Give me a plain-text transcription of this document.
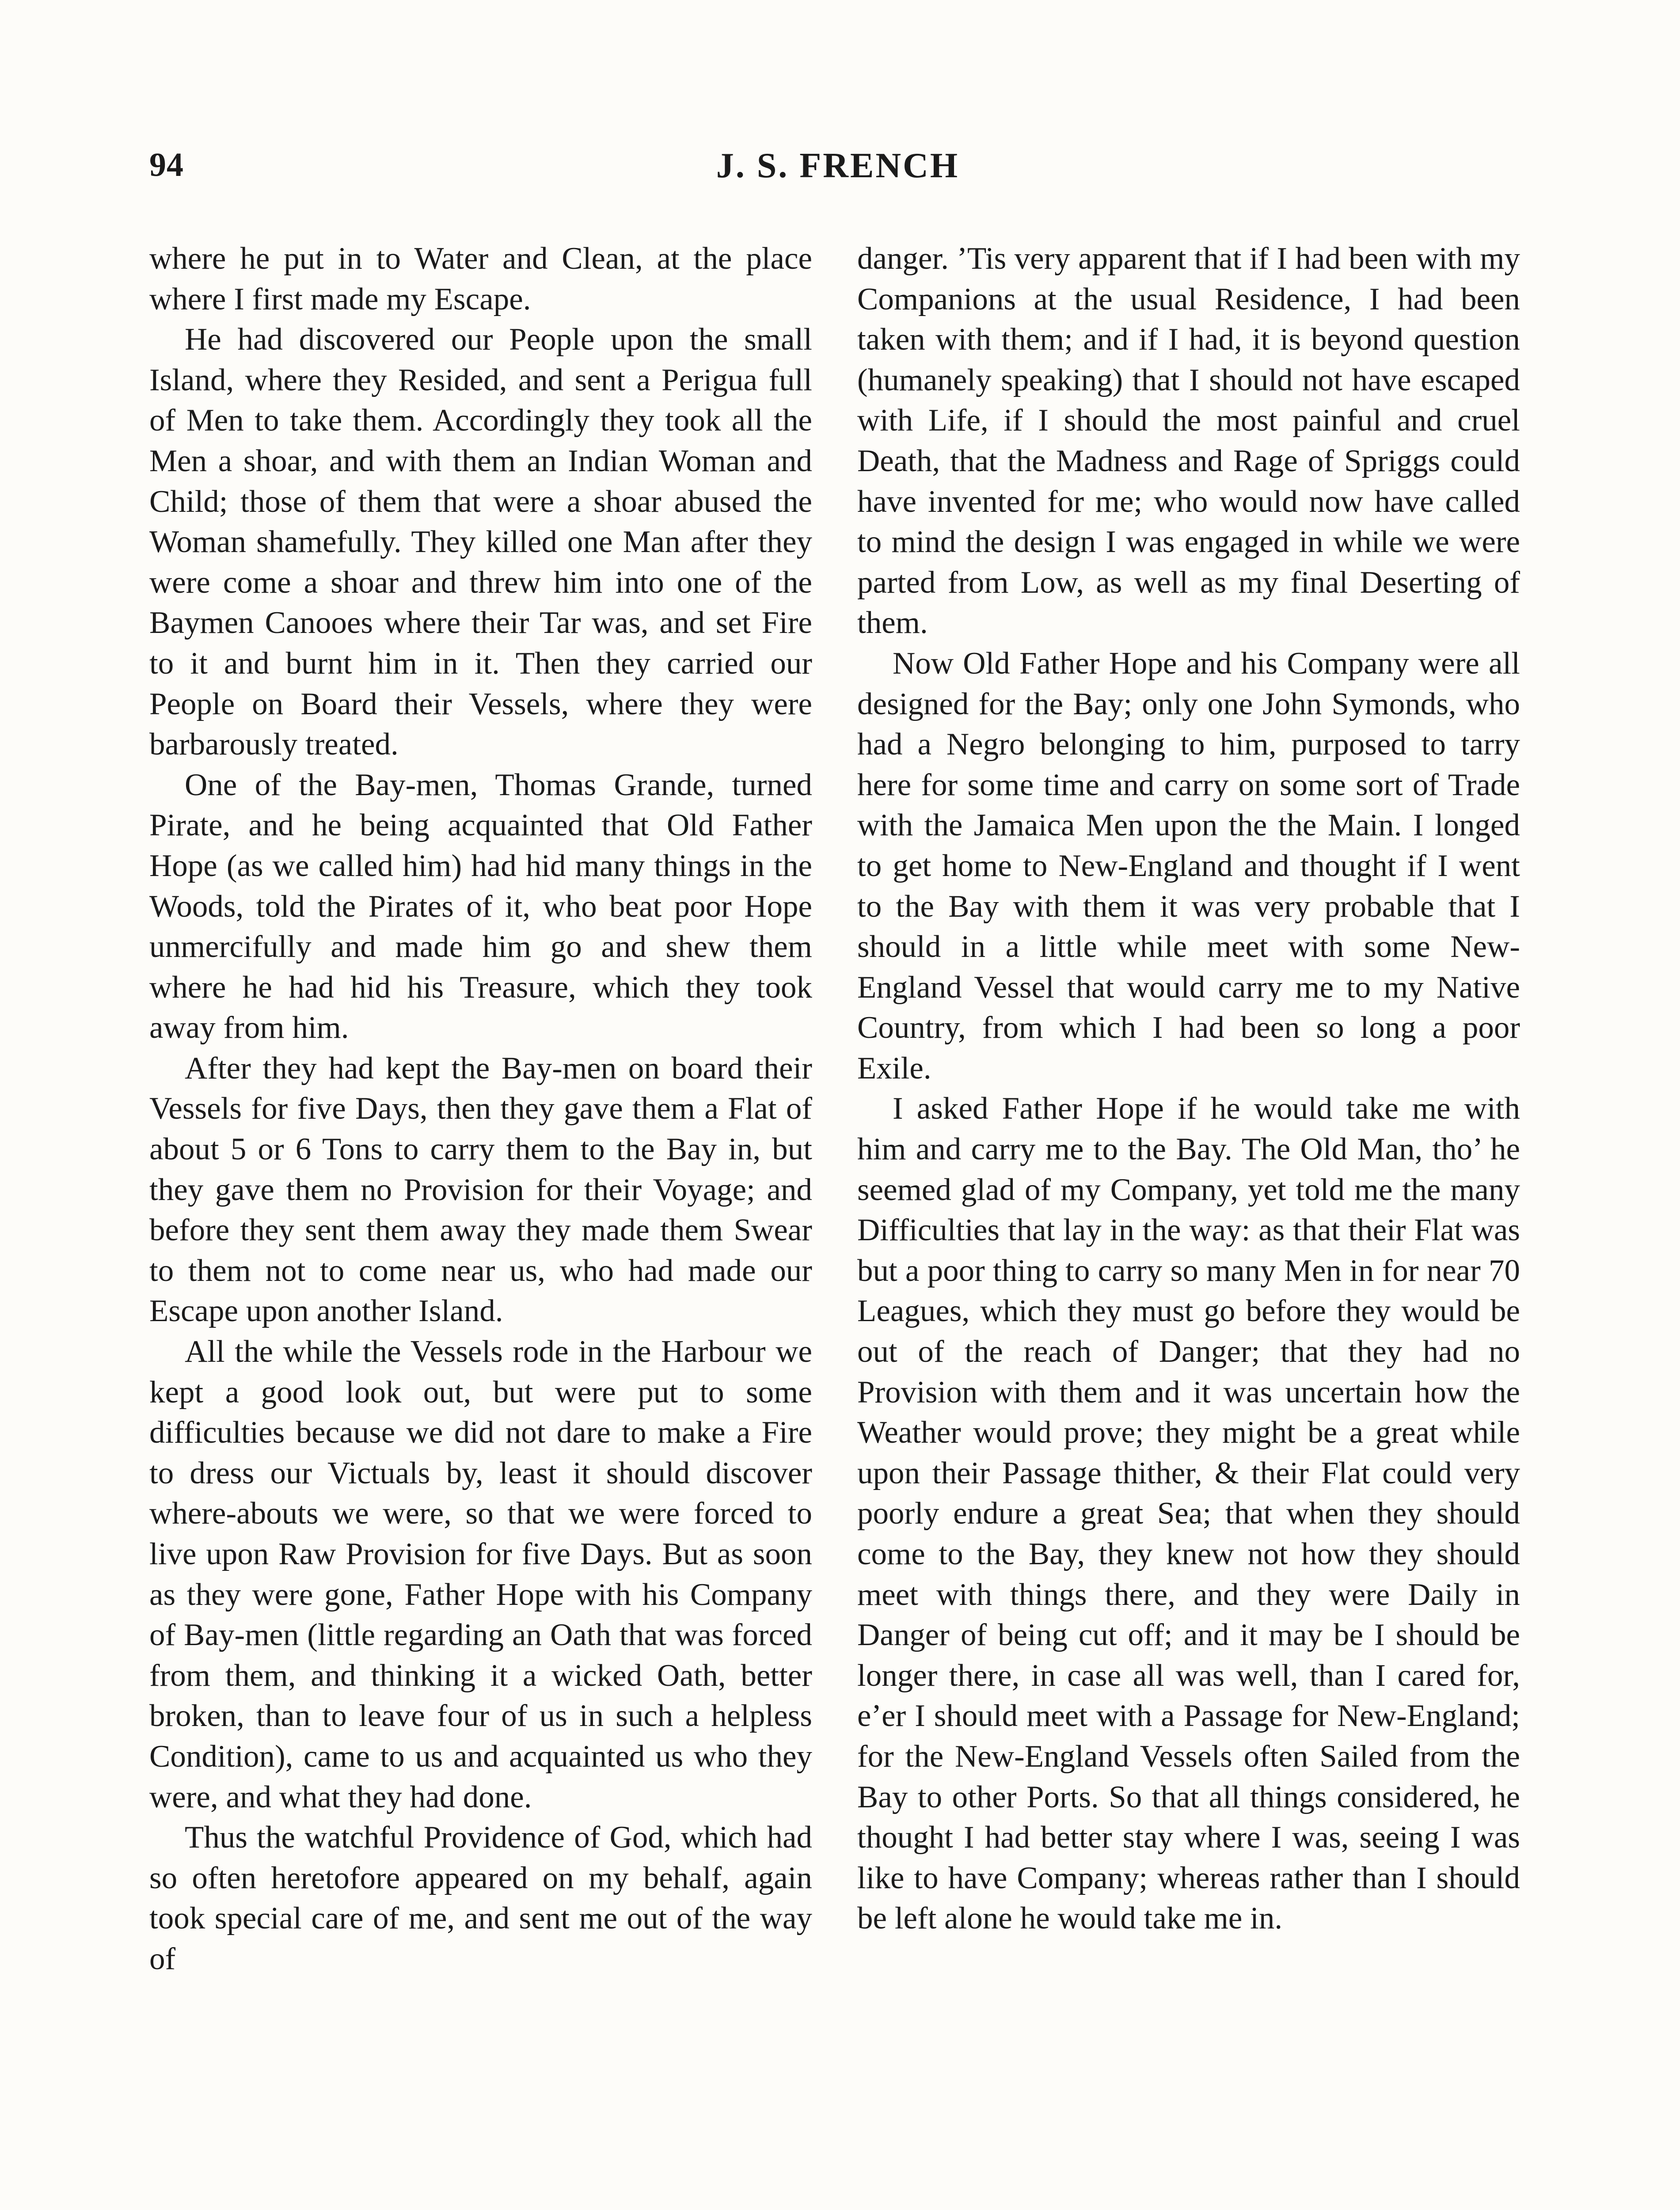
94	J. S. FRENCH

where he put in to Water and Clean, at the place where I first made my Escape.

He had discovered our People upon the small Island, where they Resided, and sent a Perigua full of Men to take them. Accordingly they took all the Men a shoar, and with them an Indian Woman and Child; those of them that were a shoar abused the Woman shamefully. They killed one Man after they were come a shoar and threw him into one of the Baymen Canooes where their Tar was, and set Fire to it and burnt him in it. Then they carried our People on Board their Vessels, where they were barbarously treated.

One of the Bay-men, Thomas Grande, turned Pirate, and he being acquainted that Old Father Hope (as we called him) had hid many things in the Woods, told the Pirates of it, who beat poor Hope unmercifully and made him go and shew them where he had hid his Treasure, which they took away from him.

After they had kept the Bay-men on board their Vessels for five Days, then they gave them a Flat of about 5 or 6 Tons to carry them to the Bay in, but they gave them no Provision for their Voyage; and before they sent them away they made them Swear to them not to come near us, who had made our Escape upon another Island.

All the while the Vessels rode in the Harbour we kept a good look out, but were put to some difficulties because we did not dare to make a Fire to dress our Victuals by, least it should discover where-abouts we were, so that we were forced to live upon Raw Provision for five Days. But as soon as they were gone, Father Hope with his Company of Bay-men (little regarding an Oath that was forced from them, and thinking it a wicked Oath, better broken, than to leave four of us in such a helpless Condition), came to us and acquainted us who they were, and what they had done.

Thus the watchful Providence of God, which had so often heretofore appeared on my behalf, again took special care of me, and sent me out of the way of

danger. ’Tis very apparent that if I had been with my Companions at the usual Residence, I had been taken with them; and if I had, it is beyond question (humanely speaking) that I should not have escaped with Life, if I should the most painful and cruel Death, that the Madness and Rage of Spriggs could have invented for me; who would now have called to mind the design I was engaged in while we were parted from Low, as well as my final Deserting of them.

Now Old Father Hope and his Company were all designed for the Bay; only one John Symonds, who had a Negro belonging to him, purposed to tarry here for some time and carry on some sort of Trade with the Jamaica Men upon the the Main. I longed to get home to New-England and thought if I went to the Bay with them it was very probable that I should in a little while meet with some New-England Vessel that would carry me to my Native Country, from which I had been so long a poor Exile.

I asked Father Hope if he would take me with him and carry me to the Bay. The Old Man, tho’ he seemed glad of my Company, yet told me the many Difficulties that lay in the way: as that their Flat was but a poor thing to carry so many Men in for near 70 Leagues, which they must go before they would be out of the reach of Danger; that they had no Provision with them and it was uncertain how the Weather would prove; they might be a great while upon their Passage thither, & their Flat could very poorly endure a great Sea; that when they should come to the Bay, they knew not how they should meet with things there, and they were Daily in Danger of being cut off; and it may be I should be longer there, in case all was well, than I cared for, e’er I should meet with a Passage for New-England; for the New-England Vessels often Sailed from the Bay to other Ports. So that all things considered, he thought I had better stay where I was, seeing I was like to have Company; whereas rather than I should be left alone he would take me in.
